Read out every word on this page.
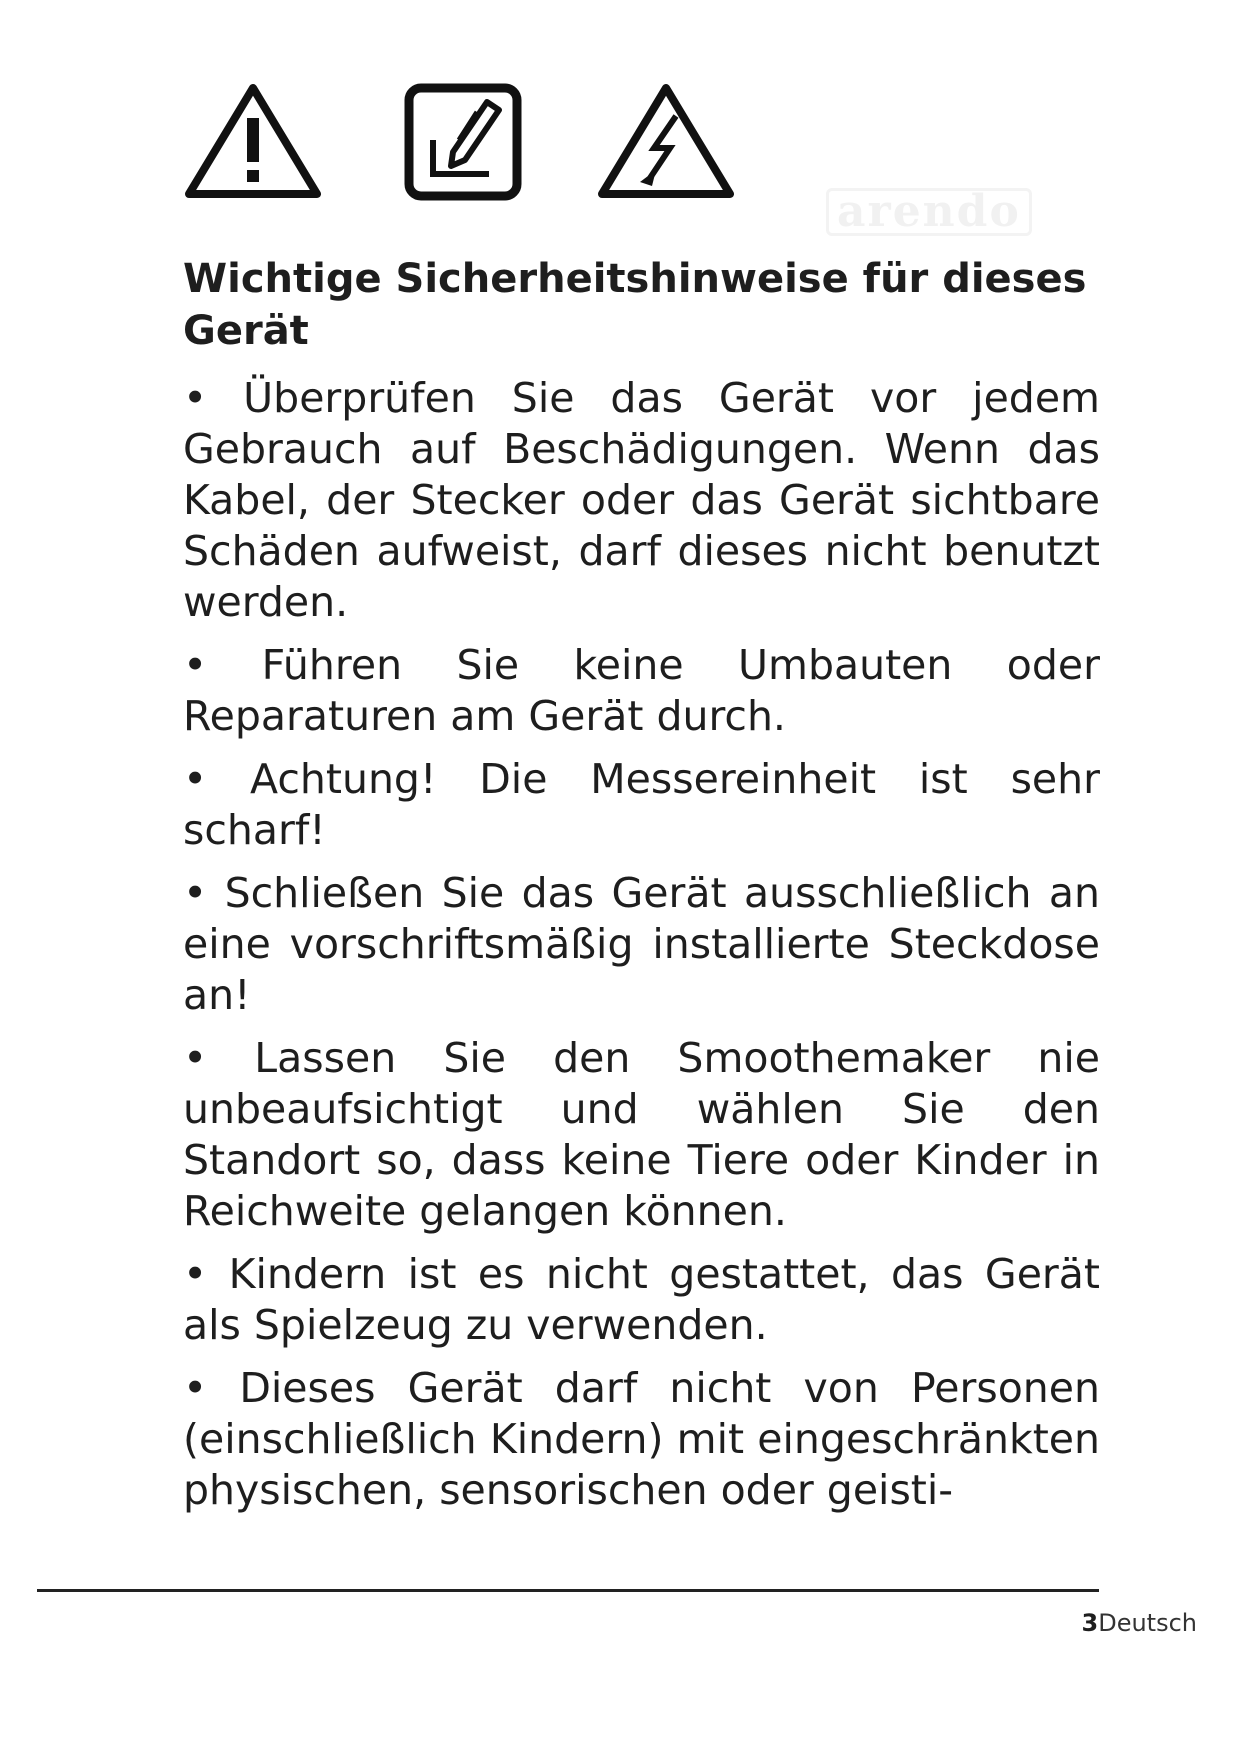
arendo
Wichtige Sicherheitshinweise für dieses Gerät
• Überprüfen Sie das Gerät vor jedem Gebrauch auf Beschädigungen. Wenn das Kabel, der Stecker oder das Gerät sichtbare Schäden aufweist, darf dieses nicht benutzt werden.
• Führen Sie keine Umbauten oder Reparaturen am Gerät durch.
• Achtung! Die Messereinheit ist sehr scharf!
• Schließen Sie das Gerät ausschließlich an eine vorschriftsmäßig installierte Steckdose an!
• Lassen Sie den Smoothemaker nie unbeaufsichtigt und wählen Sie den Standort so, dass keine Tiere oder Kinder in Reichweite gelangen können.
• Kindern ist es nicht gestattet, das Gerät als Spielzeug zu verwenden.
• Dieses Gerät darf nicht von Personen (einschließlich Kindern) mit eingeschränkten physischen, sensorischen oder geisti-
3Deutsch
